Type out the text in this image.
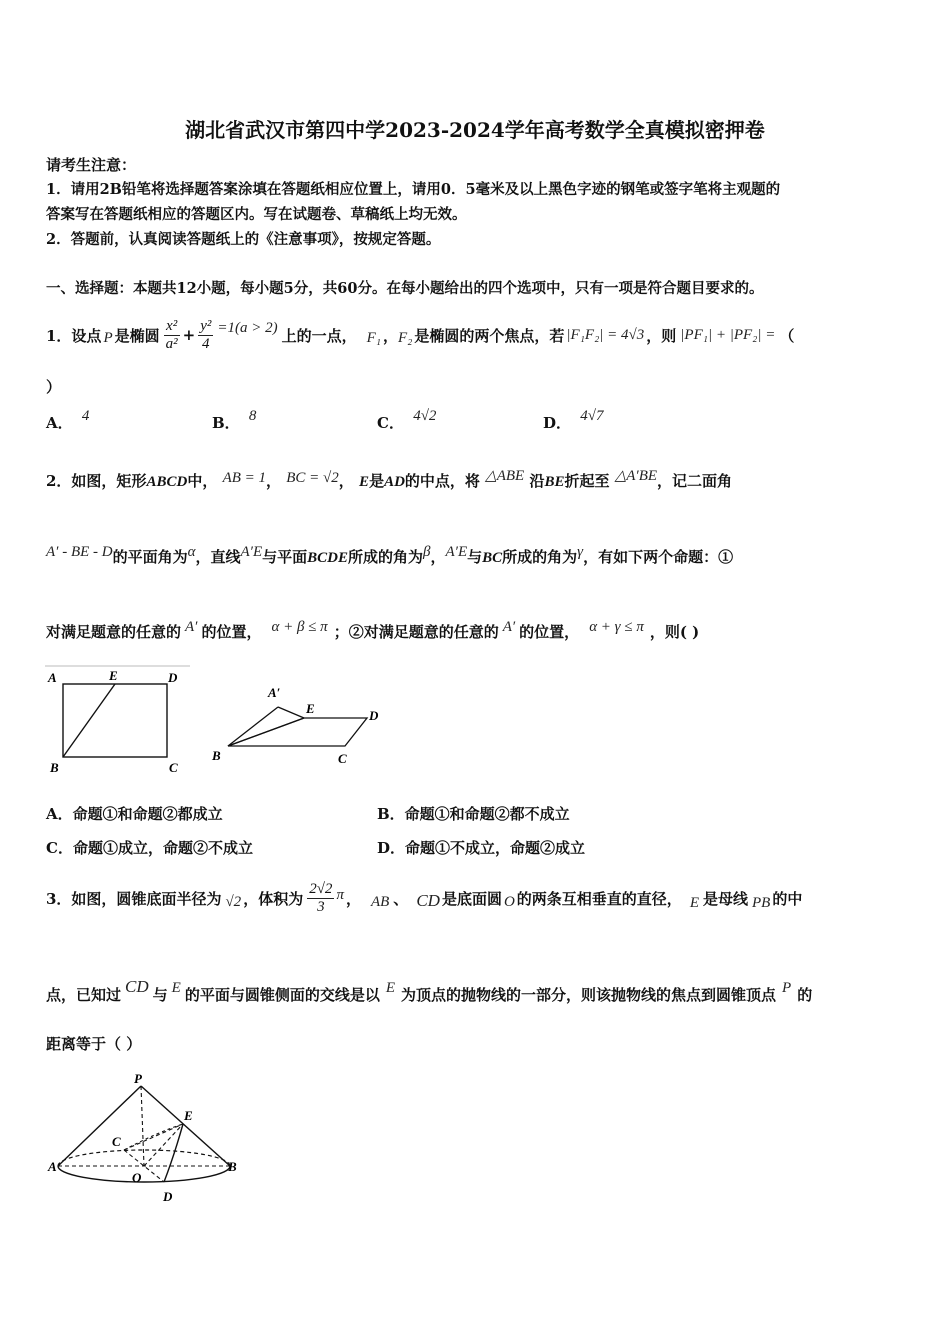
湖北省武汉市第四中学2023-2024学年高考数学全真模拟密押卷
请考生注意：
1．请用2B铅笔将选择题答案涂填在答题纸相应位置上，请用0．5毫米及以上黑色字迹的钢笔或签字笔将主观题的
答案写在答题纸相应的答题区内。写在试题卷、草稿纸上均无效。
2．答题前，认真阅读答题纸上的《注意事项》，按规定答题。
一、选择题：本题共12小题，每小题5分，共60分。在每小题给出的四个选项中，只有一项是符合题目要求的。
1．设点 P 是椭圆 $\frac{\text{x²}}{\text{a²}} + \frac{\text{y²}}{4} =1(a > 2)$ 上的一点， F₁ ， F₂ 是椭圆的两个焦点，若 |F₁F₂| = 4√3 ，则 |PF₁| + |PF₂| = （
）
A． 4	B． 8	C． 4√2	D． 4√7
2．如图，矩形ABCD中， AB = 1， BC = √2， E是AD的中点，将 △ABE 沿BE折起至 △A′BE，记二面角
A′ - BE - D的平面角为α，直线A′E与平面BCDE所成的角为β，A′E与BC所成的角为γ，有如下两个命题：①
对满足题意的任意的 A′ 的位置， α + β ≤ π ；②对满足题意的任意的 A′ 的位置， α + γ ≤ π ，则( )
A	E	D
B	C
A′
E	D
B	C
A．命题①和命题②都成立	B．命题①和命题②都不成立
C．命题①成立，命题②不成立	D．命题①不成立，命题②成立
3．如图，圆锥底面半径为 √2 ，体积为 $\frac{2√2}{3}$ π ， AB 、 CD 是底面圆 O 的两条互相垂直的直径， E 是母线 PB 的中
点，已知过 CD 与 E 的平面与圆锥侧面的交线是以 E 为顶点的抛物线的一部分，则该抛物线的焦点到圆锥顶点 P 的
距离等于（ ）
P
E
C
A
O
B
D
